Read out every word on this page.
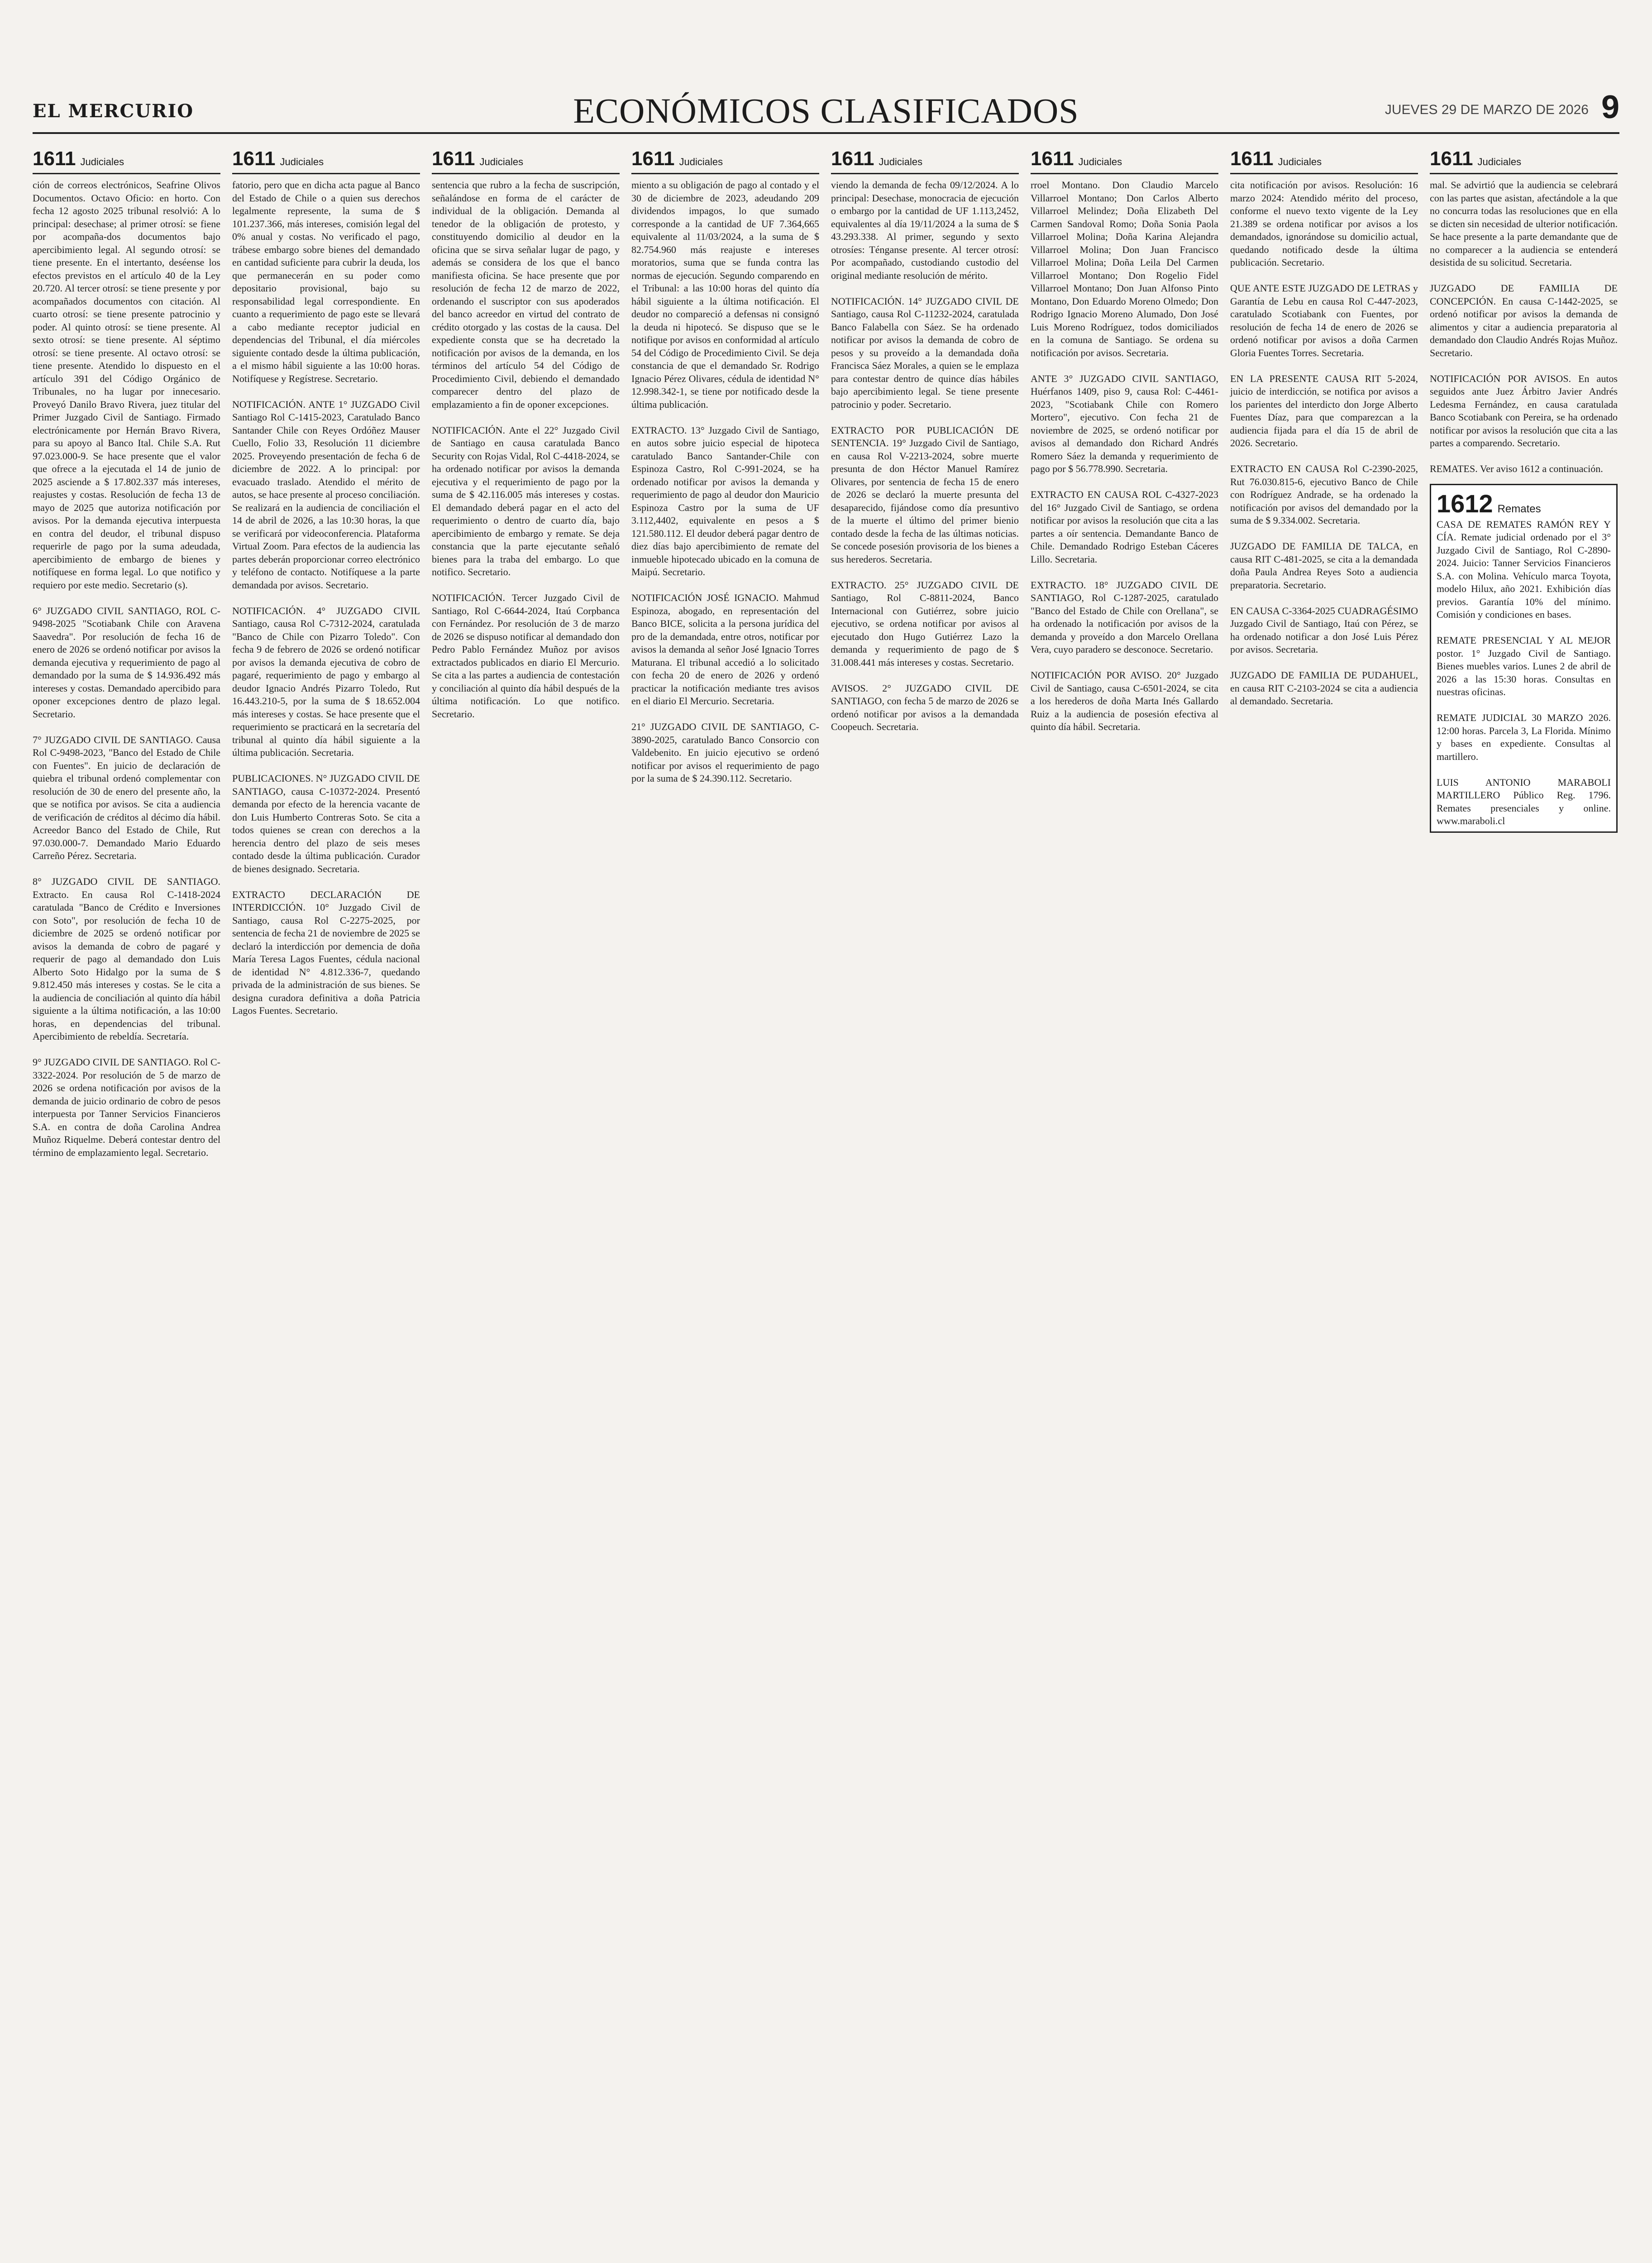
EL MERCURIO	ECONÓMICOS CLASIFICADOS	JUEVES 29 DE MARZO DE 2026 9
1611 Judiciales
ción de correos electrónicos, Seafrine Olivos Documentos. Octavo Oficio: en horto. Con fecha 12 agosto 2025 tribunal resolvió: A lo principal: desechase; al primer otrosí: se fiene por acompaña-dos documentos bajo apercibimiento legal. Al segundo otrosí: se tiene presente. En el intertanto, deséense los efectos previstos en el artículo 40 de la Ley 20.720. Al tercer otrosí: se tiene presente y por acompañados documentos con citación. Al cuarto otrosí: se tiene presente patrocinio y poder. Al quinto otrosí: se tiene presente. Al sexto otrosí: se tiene presente. Al séptimo otrosí: se tiene presente. Al octavo otrosí: se tiene presente. Atendido lo dispuesto en el artículo 391 del Código Orgánico de Tribunales, no ha lugar por innecesario. Proveyó Danilo Bravo Rivera, juez titular del Primer Juzgado Civil de Santiago. Firmado electrónicamente por Hernán Bravo Rivera, para su apoyo al Banco Ital. Chile S.A. Rut 97.023.000-9. Se hace presente que el valor que ofrece a la ejecutada el 14 de junio de 2025 asciende a $ 17.802.337 más intereses, reajustes y costas. Resolución de fecha 13 de mayo de 2025 que autoriza notificación por avisos. Por la demanda ejecutiva interpuesta en contra del deudor, el tribunal dispuso requerirle de pago por la suma adeudada, apercibimiento de embargo de bienes y notifíquese en forma legal. Lo que notifico y requiero por este medio. Secretario (s).

6° JUZGADO CIVIL SANTIAGO, ROL C-9498-2025 "Scotiabank Chile con Aravena Saavedra". Por resolución de fecha 16 de enero de 2026 se ordenó notificar por avisos la demanda ejecutiva y requerimiento de pago al demandado por la suma de $ 14.936.492 más intereses y costas. Demandado apercibido para oponer excepciones dentro de plazo legal. Secretario.

7° JUZGADO CIVIL DE SANTIAGO. Causa Rol C-9498-2023, "Banco del Estado de Chile con Fuentes". En juicio de declaración de quiebra el tribunal ordenó complementar con resolución de 30 de enero del presente año, la que se notifica por avisos. Se cita a audiencia de verificación de créditos al décimo día hábil. Acreedor Banco del Estado de Chile, Rut 97.030.000-7. Demandado Mario Eduardo Carreño Pérez. Secretaria.

8° JUZGADO CIVIL DE SANTIAGO. Extracto. En causa Rol C-1418-2024 caratulada "Banco de Crédito e Inversiones con Soto", por resolución de fecha 10 de diciembre de 2025 se ordenó notificar por avisos la demanda de cobro de pagaré y requerir de pago al demandado don Luis Alberto Soto Hidalgo por la suma de $ 9.812.450 más intereses y costas. Se le cita a la audiencia de conciliación al quinto día hábil siguiente a la última notificación, a las 10:00 horas, en dependencias del tribunal. Apercibimiento de rebeldía. Secretaría.

9° JUZGADO CIVIL DE SANTIAGO. Rol C-3322-2024. Por resolución de 5 de marzo de 2026 se ordena notificación por avisos de la demanda de juicio ordinario de cobro de pesos interpuesta por Tanner Servicios Financieros S.A. en contra de doña Carolina Andrea Muñoz Riquelme. Deberá contestar dentro del término de emplazamiento legal. Secretario.
1611 Judiciales
fatorio, pero que en dicha acta pague al Banco del Estado de Chile o a quien sus derechos legalmente represente, la suma de $ 101.237.366, más intereses, comisión legal del 0% anual y costas. No verificado el pago, trábese embargo sobre bienes del demandado en cantidad suficiente para cubrir la deuda, los que permanecerán en su poder como depositario provisional, bajo su responsabilidad legal correspondiente. En cuanto a requerimiento de pago este se llevará a cabo mediante receptor judicial en dependencias del Tribunal, el día miércoles siguiente contado desde la última publicación, a el mismo hábil siguiente a las 10:00 horas. Notifíquese y Regístrese. Secretario.

NOTIFICACIÓN. ANTE 1° JUZGADO Civil Santiago Rol C-1415-2023, Caratulado Banco Santander Chile con Reyes Ordóñez Mauser Cuello, Folio 33, Resolución 11 diciembre 2025. Proveyendo presentación de fecha 6 de diciembre de 2022. A lo principal: por evacuado traslado. Atendido el mérito de autos, se hace presente al proceso conciliación. Se realizará en la audiencia de conciliación el 14 de abril de 2026, a las 10:30 horas, la que se verificará por videoconferencia. Plataforma Virtual Zoom. Para efectos de la audiencia las partes deberán proporcionar correo electrónico y teléfono de contacto. Notifíquese a la parte demandada por avisos. Secretario.

NOTIFICACIÓN. 4° JUZGADO CIVIL Santiago, causa Rol C-7312-2024, caratulada "Banco de Chile con Pizarro Toledo". Con fecha 9 de febrero de 2026 se ordenó notificar por avisos la demanda ejecutiva de cobro de pagaré, requerimiento de pago y embargo al deudor Ignacio Andrés Pizarro Toledo, Rut 16.443.210-5, por la suma de $ 18.652.004 más intereses y costas. Se hace presente que el requerimiento se practicará en la secretaría del tribunal al quinto día hábil siguiente a la última publicación. Secretaria.

PUBLICACIONES. N° JUZGADO CIVIL DE SANTIAGO, causa C-10372-2024. Presentó demanda por efecto de la herencia vacante de don Luis Humberto Contreras Soto. Se cita a todos quienes se crean con derechos a la herencia dentro del plazo de seis meses contado desde la última publicación. Curador de bienes designado. Secretaria.

EXTRACTO DECLARACIÓN DE INTERDICCIÓN. 10° Juzgado Civil de Santiago, causa Rol C-2275-2025, por sentencia de fecha 21 de noviembre de 2025 se declaró la interdicción por demencia de doña María Teresa Lagos Fuentes, cédula nacional de identidad N° 4.812.336-7, quedando privada de la administración de sus bienes. Se designa curadora definitiva a doña Patricia Lagos Fuentes. Secretario.
1611 Judiciales
sentencia que rubro a la fecha de suscripción, señalándose en forma de el carácter de individual de la obligación. Demanda al tenedor de la obligación de protesto, y constituyendo domicilio al deudor en la oficina que se sirva señalar lugar de pago, y además se considera de los que el banco manifiesta oficina. Se hace presente que por resolución de fecha 12 de marzo de 2022, ordenando el suscriptor con sus apoderados del banco acreedor en virtud del contrato de crédito otorgado y las costas de la causa. Del expediente consta que se ha decretado la notificación por avisos de la demanda, en los términos del artículo 54 del Código de Procedimiento Civil, debiendo el demandado comparecer dentro del plazo de emplazamiento a fin de oponer excepciones.

NOTIFICACIÓN. Ante el 22° Juzgado Civil de Santiago en causa caratulada Banco Security con Rojas Vidal, Rol C-4418-2024, se ha ordenado notificar por avisos la demanda ejecutiva y el requerimiento de pago por la suma de $ 42.116.005 más intereses y costas. El demandado deberá pagar en el acto del requerimiento o dentro de cuarto día, bajo apercibimiento de embargo y remate. Se deja constancia que la parte ejecutante señaló bienes para la traba del embargo. Lo que notifico. Secretario.

NOTIFICACIÓN. Tercer Juzgado Civil de Santiago, Rol C-6644-2024, Itaú Corpbanca con Fernández. Por resolución de 3 de marzo de 2026 se dispuso notificar al demandado don Pedro Pablo Fernández Muñoz por avisos extractados publicados en diario El Mercurio. Se cita a las partes a audiencia de contestación y conciliación al quinto día hábil después de la última notificación. Lo que notifico. Secretario.
1611 Judiciales
miento a su obligación de pago al contado y el 30 de diciembre de 2023, adeudando 209 dividendos impagos, lo que sumado corresponde a la cantidad de UF 7.364,665 equivalente al 11/03/2024, a la suma de $ 82.754.960 más reajuste e intereses moratorios, suma que se funda contra las normas de ejecución. Segundo comparendo en el Tribunal: a las 10:00 horas del quinto día hábil siguiente a la última notificación. El deudor no compareció a defensas ni consignó la deuda ni hipotecó. Se dispuso que se le notifique por avisos en conformidad al artículo 54 del Código de Procedimiento Civil. Se deja constancia de que el demandado Sr. Rodrigo Ignacio Pérez Olivares, cédula de identidad N° 12.998.342-1, se tiene por notificado desde la última publicación.

EXTRACTO. 13° Juzgado Civil de Santiago, en autos sobre juicio especial de hipoteca caratulado Banco Santander-Chile con Espinoza Castro, Rol C-991-2024, se ha ordenado notificar por avisos la demanda y requerimiento de pago al deudor don Mauricio Espinoza Castro por la suma de UF 3.112,4402, equivalente en pesos a $ 121.580.112. El deudor deberá pagar dentro de diez días bajo apercibimiento de remate del inmueble hipotecado ubicado en la comuna de Maipú. Secretario.

NOTIFICACIÓN JOSÉ IGNACIO. Mahmud Espinoza, abogado, en representación del Banco BICE, solicita a la persona jurídica del pro de la demandada, entre otros, notificar por avisos la demanda al señor José Ignacio Torres Maturana. El tribunal accedió a lo solicitado con fecha 20 de enero de 2026 y ordenó practicar la notificación mediante tres avisos en el diario El Mercurio. Secretaria.

21° JUZGADO CIVIL DE SANTIAGO, C-3890-2025, caratulado Banco Consorcio con Valdebenito. En juicio ejecutivo se ordenó notificar por avisos el requerimiento de pago por la suma de $ 24.390.112. Secretario.
1611 Judiciales
viendo la demanda de fecha 09/12/2024. A lo principal: Desechase, monocracia de ejecución o embargo por la cantidad de UF 1.113,2452, equivalentes al día 19/11/2024 a la suma de $ 43.293.338. Al primer, segundo y sexto otrosíes: Ténganse presente. Al tercer otrosí: Por acompañado, custodiando custodio del original mediante resolución de mérito.

NOTIFICACIÓN. 14° JUZGADO CIVIL DE Santiago, causa Rol C-11232-2024, caratulada Banco Falabella con Sáez. Se ha ordenado notificar por avisos la demanda de cobro de pesos y su proveído a la demandada doña Francisca Sáez Morales, a quien se le emplaza para contestar dentro de quince días hábiles bajo apercibimiento legal. Se tiene presente patrocinio y poder. Secretario.

EXTRACTO POR PUBLICACIÓN DE SENTENCIA. 19° Juzgado Civil de Santiago, en causa Rol V-2213-2024, sobre muerte presunta de don Héctor Manuel Ramírez Olivares, por sentencia de fecha 15 de enero de 2026 se declaró la muerte presunta del desaparecido, fijándose como día presuntivo de la muerte el último del primer bienio contado desde la fecha de las últimas noticias. Se concede posesión provisoria de los bienes a sus herederos. Secretaria.

EXTRACTO. 25° JUZGADO CIVIL DE Santiago, Rol C-8811-2024, Banco Internacional con Gutiérrez, sobre juicio ejecutivo, se ordena notificar por avisos al ejecutado don Hugo Gutiérrez Lazo la demanda y requerimiento de pago de $ 31.008.441 más intereses y costas. Secretario.

AVISOS. 2° JUZGADO CIVIL DE SANTIAGO, con fecha 5 de marzo de 2026 se ordenó notificar por avisos a la demandada Coopeuch. Secretaria.
1611 Judiciales
rroel Montano. Don Claudio Marcelo Villarroel Montano; Don Carlos Alberto Villarroel Melindez; Doña Elizabeth Del Carmen Sandoval Romo; Doña Sonia Paola Villarroel Molina; Doña Karina Alejandra Villarroel Molina; Don Juan Francisco Villarroel Molina; Doña Leila Del Carmen Villarroel Montano; Don Rogelio Fidel Villarroel Montano; Don Juan Alfonso Pinto Montano, Don Eduardo Moreno Olmedo; Don Rodrigo Ignacio Moreno Alumado, Don José Luis Moreno Rodríguez, todos domiciliados en la comuna de Santiago. Se ordena su notificación por avisos. Secretaria.

ANTE 3° JUZGADO CIVIL SANTIAGO, Huérfanos 1409, piso 9, causa Rol: C-4461-2023, "Scotiabank Chile con Romero Mortero", ejecutivo. Con fecha 21 de noviembre de 2025, se ordenó notificar por avisos al demandado don Richard Andrés Romero Sáez la demanda y requerimiento de pago por $ 56.778.990. Secretaria.

EXTRACTO EN CAUSA ROL C-4327-2023 del 16° Juzgado Civil de Santiago, se ordena notificar por avisos la resolución que cita a las partes a oír sentencia. Demandante Banco de Chile. Demandado Rodrigo Esteban Cáceres Lillo. Secretaria.

EXTRACTO. 18° JUZGADO CIVIL DE SANTIAGO, Rol C-1287-2025, caratulado "Banco del Estado de Chile con Orellana", se ha ordenado la notificación por avisos de la demanda y proveído a don Marcelo Orellana Vera, cuyo paradero se desconoce. Secretario.

NOTIFICACIÓN POR AVISO. 20° Juzgado Civil de Santiago, causa C-6501-2024, se cita a los herederos de doña Marta Inés Gallardo Ruiz a la audiencia de posesión efectiva al quinto día hábil. Secretaria.
1611 Judiciales
cita notificación por avisos. Resolución: 16 marzo 2024: Atendido mérito del proceso, conforme el nuevo texto vigente de la Ley 21.389 se ordena notificar por avisos a los demandados, ignorándose su domicilio actual, quedando notificado desde la última publicación. Secretario.

QUE ANTE ESTE JUZGADO DE LETRAS y Garantía de Lebu en causa Rol C-447-2023, caratulado Scotiabank con Fuentes, por resolución de fecha 14 de enero de 2026 se ordenó notificar por avisos a doña Carmen Gloria Fuentes Torres. Secretaria.

EN LA PRESENTE CAUSA RIT 5-2024, juicio de interdicción, se notifica por avisos a los parientes del interdicto don Jorge Alberto Fuentes Díaz, para que comparezcan a la audiencia fijada para el día 15 de abril de 2026. Secretario.

EXTRACTO EN CAUSA Rol C-2390-2025, Rut 76.030.815-6, ejecutivo Banco de Chile con Rodríguez Andrade, se ha ordenado la notificación por avisos del demandado por la suma de $ 9.334.002. Secretaria.

JUZGADO DE FAMILIA DE TALCA, en causa RIT C-481-2025, se cita a la demandada doña Paula Andrea Reyes Soto a audiencia preparatoria. Secretario.

EN CAUSA C-3364-2025 CUADRAGÉSIMO Juzgado Civil de Santiago, Itaú con Pérez, se ha ordenado notificar a don José Luis Pérez por avisos. Secretaria.

JUZGADO DE FAMILIA DE PUDAHUEL, en causa RIT C-2103-2024 se cita a audiencia al demandado. Secretaria.
1611 Judiciales
mal. Se advirtió que la audiencia se celebrará con las partes que asistan, afectándole a la que no concurra todas las resoluciones que en ella se dicten sin necesidad de ulterior notificación. Se hace presente a la parte demandante que de no comparecer a la audiencia se entenderá desistida de su solicitud. Secretaria.

JUZGADO DE FAMILIA DE CONCEPCIÓN. En causa C-1442-2025, se ordenó notificar por avisos la demanda de alimentos y citar a audiencia preparatoria al demandado don Claudio Andrés Rojas Muñoz. Secretario.

NOTIFICACIÓN POR AVISOS. En autos seguidos ante Juez Árbitro Javier Andrés Ledesma Fernández, en causa caratulada Banco Scotiabank con Pereira, se ha ordenado notificar por avisos la resolución que cita a las partes a comparendo. Secretario.

REMATES. Ver aviso 1612 a continuación.
1612 Remates
CASA DE REMATES RAMÓN REY Y CÍA. Remate judicial ordenado por el 3° Juzgado Civil de Santiago, Rol C-2890-2024. Juicio: Tanner Servicios Financieros S.A. con Molina. Vehículo marca Toyota, modelo Hilux, año 2021. Exhibición días previos. Garantía 10% del mínimo. Comisión y condiciones en bases.

REMATE PRESENCIAL Y AL MEJOR postor. 1° Juzgado Civil de Santiago. Bienes muebles varios. Lunes 2 de abril de 2026 a las 15:30 horas. Consultas en nuestras oficinas.

REMATE JUDICIAL 30 MARZO 2026. 12:00 horas. Parcela 3, La Florida. Mínimo y bases en expediente. Consultas al martillero.

LUIS ANTONIO MARABOLI MARTILLERO Público Reg. 1796. Remates presenciales y online. www.maraboli.cl
